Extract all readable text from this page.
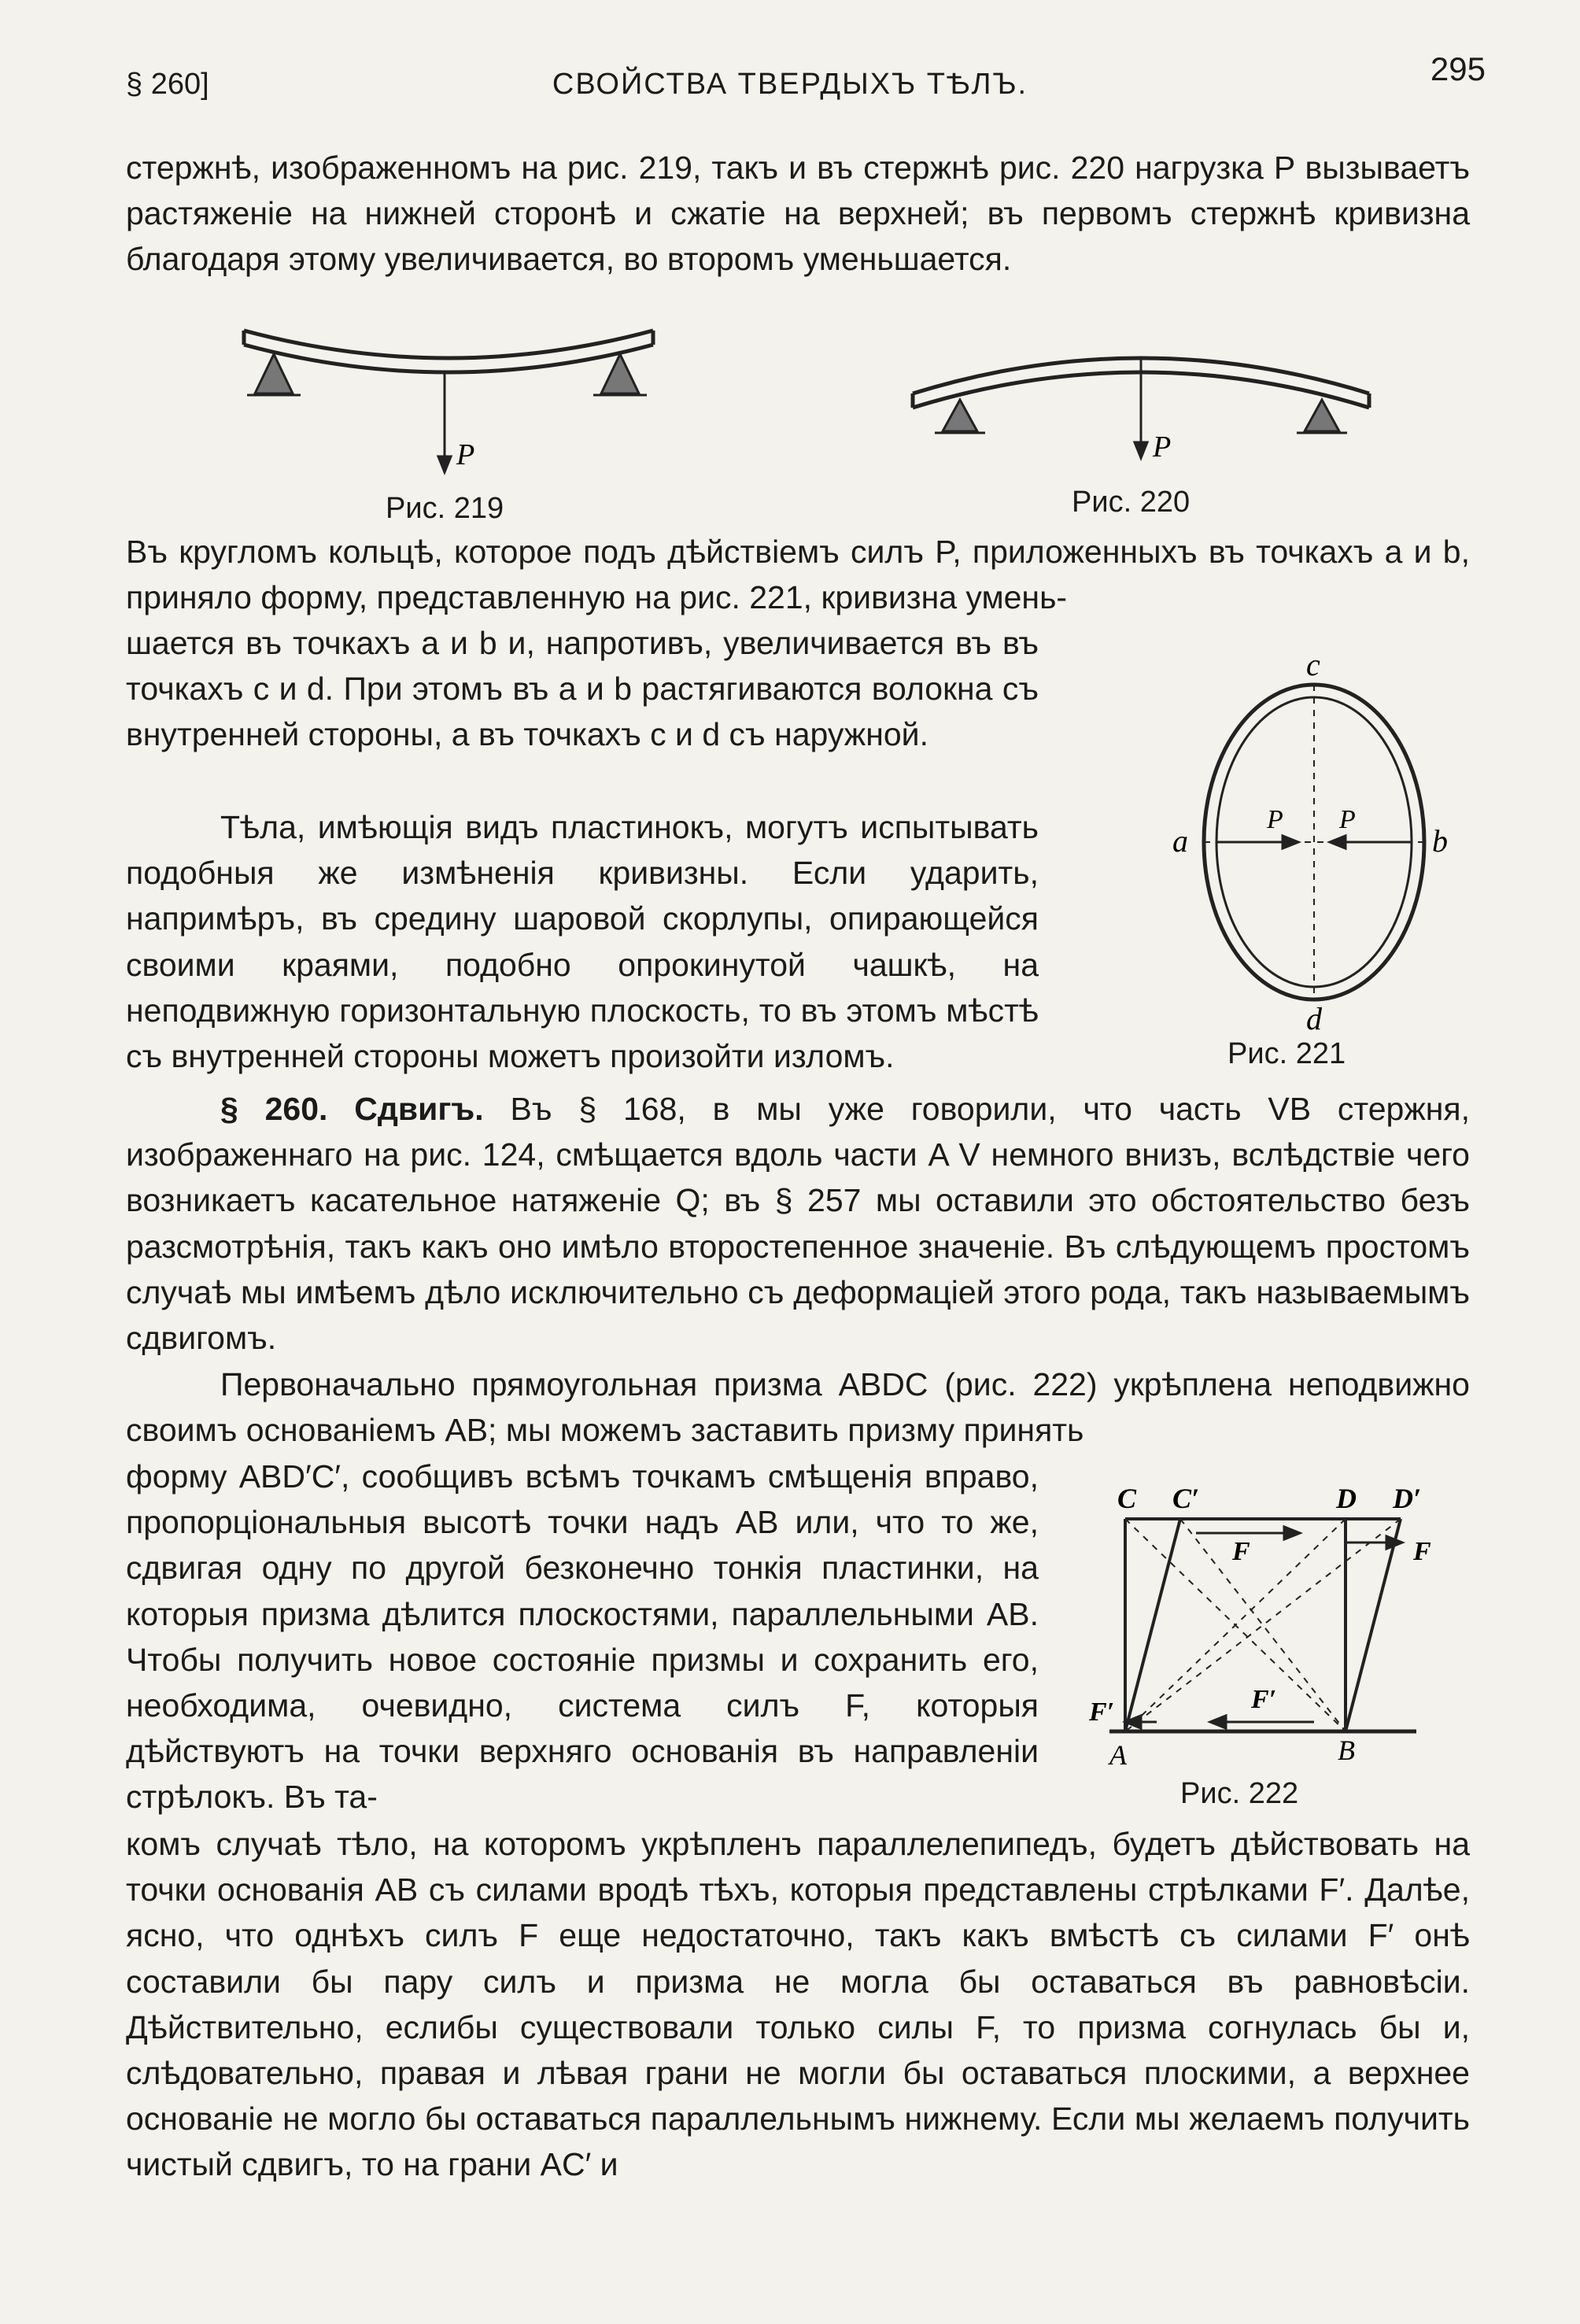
§ 260]	СВОЙСТВА ТВЕРДЫХЪ ТѢЛЪ.	295
стержнѣ, изображенномъ на рис. 219, такъ и въ стержнѣ рис. 220 нагрузка P вызываетъ растяженіе на нижней сторонѣ и сжатіе на верхней; въ первомъ стержнѣ кривизна благодаря этому увеличивается, во второмъ уменьшается.
P
Рис. 219
P
Рис. 220
Въ кругломъ кольцѣ, которое подъ дѣйствіемъ силъ P, приложенныхъ въ точкахъ a и b, приняло форму, представленную на рис. 221, кривизна умень-
шается въ точкахъ a и b и, напротивъ, увеличивается въ въ точкахъ c и d. При этомъ въ a и b растягиваются волокна съ внутренней стороны, а въ точкахъ c и d съ наружной.
Тѣла, имѣющія видъ пластинокъ, могутъ испытывать подобныя же измѣненія кривизны. Если ударить, напримѣръ, въ средину шаровой скорлупы, опирающейся своими краями, подобно опрокинутой чашкѣ, на неподвижную горизонтальную плоскость, то въ этомъ мѣстѣ съ внутренней стороны можетъ произойти изломъ.
c
d
a	b
P P
Рис. 221
§ 260. Сдвигъ. Въ § 168, в мы уже говорили, что часть VB стержня, изображеннаго на рис. 124, смѣщается вдоль части A V немного внизъ, вслѣдствіе чего возникаетъ касательное натяженіе Q; въ § 257 мы оставили это обстоятельство безъ разсмотрѣнія, такъ какъ оно имѣло второстепенное значеніе. Въ слѣдующемъ простомъ случаѣ мы имѣемъ дѣло исключительно съ деформаціей этого рода, такъ называемымъ сдвигомъ.
Первоначально прямоугольная призма ABDC (рис. 222) укрѣплена неподвижно своимъ основаніемъ AB; мы можемъ заставить призму принять
форму ABD′C′, сообщивъ всѣмъ точкамъ смѣщенія вправо, пропорціональныя высотѣ точки надъ AB или, что то же, сдвигая одну по другой безконечно тонкія пластинки, на которыя призма дѣлится плоскостями, параллельными AB. Чтобы получить новое состояніе призмы и сохранить его, необходима, очевидно, система силъ F, которыя дѣйствуютъ на точки верхняго основанія въ направленіи стрѣлокъ. Въ та-
C C′	D D′
F	F
F′
F′
A	B
Рис. 222
комъ случаѣ тѣло, на которомъ укрѣпленъ параллелепипедъ, будетъ дѣйствовать на точки основанія AB съ силами вродѣ тѣхъ, которыя представлены стрѣлками F′. Далѣе, ясно, что однѣхъ силъ F еще недостаточно, такъ какъ вмѣстѣ съ силами F′ онѣ составили бы пару силъ и призма не могла бы оставаться въ равновѣсіи. Дѣйствительно, еслибы существовали только силы F, то призма согнулась бы и, слѣдовательно, правая и лѣвая грани не могли бы оставаться плоскими, а верхнее основаніе не могло бы оставаться параллельнымъ нижнему. Если мы желаемъ получить чистый сдвигъ, то на грани AC′ и
